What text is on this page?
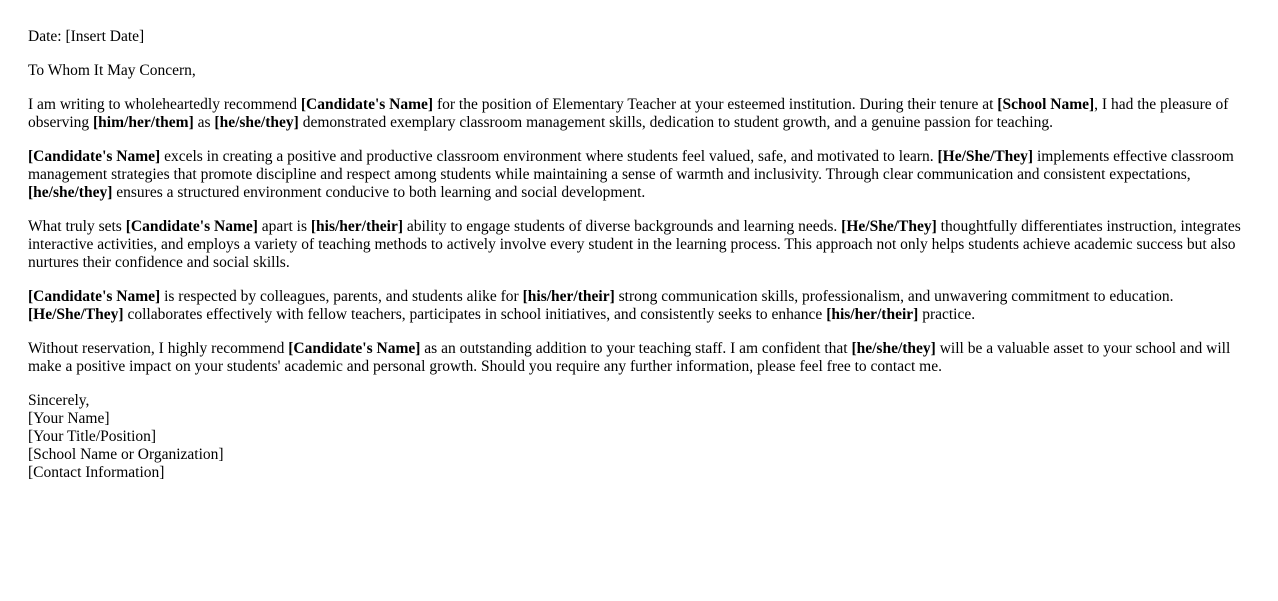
Date: [Insert Date]

To Whom It May Concern,

I am writing to wholeheartedly recommend [Candidate's Name] for the position of Elementary Teacher at your esteemed institution. During their tenure at [School Name], I had the pleasure of observing [him/her/them] as [he/she/they] demonstrated exemplary classroom management skills, dedication to student growth, and a genuine passion for teaching.

[Candidate's Name] excels in creating a positive and productive classroom environment where students feel valued, safe, and motivated to learn. [He/She/They] implements effective classroom management strategies that promote discipline and respect among students while maintaining a sense of warmth and inclusivity. Through clear communication and consistent expectations, [he/she/they] ensures a structured environment conducive to both learning and social development.

What truly sets [Candidate's Name] apart is [his/her/their] ability to engage students of diverse backgrounds and learning needs. [He/She/They] thoughtfully differentiates instruction, integrates interactive activities, and employs a variety of teaching methods to actively involve every student in the learning process. This approach not only helps students achieve academic success but also nurtures their confidence and social skills.

[Candidate's Name] is respected by colleagues, parents, and students alike for [his/her/their] strong communication skills, professionalism, and unwavering commitment to education. [He/She/They] collaborates effectively with fellow teachers, participates in school initiatives, and consistently seeks to enhance [his/her/their] practice.

Without reservation, I highly recommend [Candidate's Name] as an outstanding addition to your teaching staff. I am confident that [he/she/they] will be a valuable asset to your school and will make a positive impact on your students' academic and personal growth. Should you require any further information, please feel free to contact me.

Sincerely,

[Your Name]

[Your Title/Position]

[School Name or Organization]

[Contact Information]
